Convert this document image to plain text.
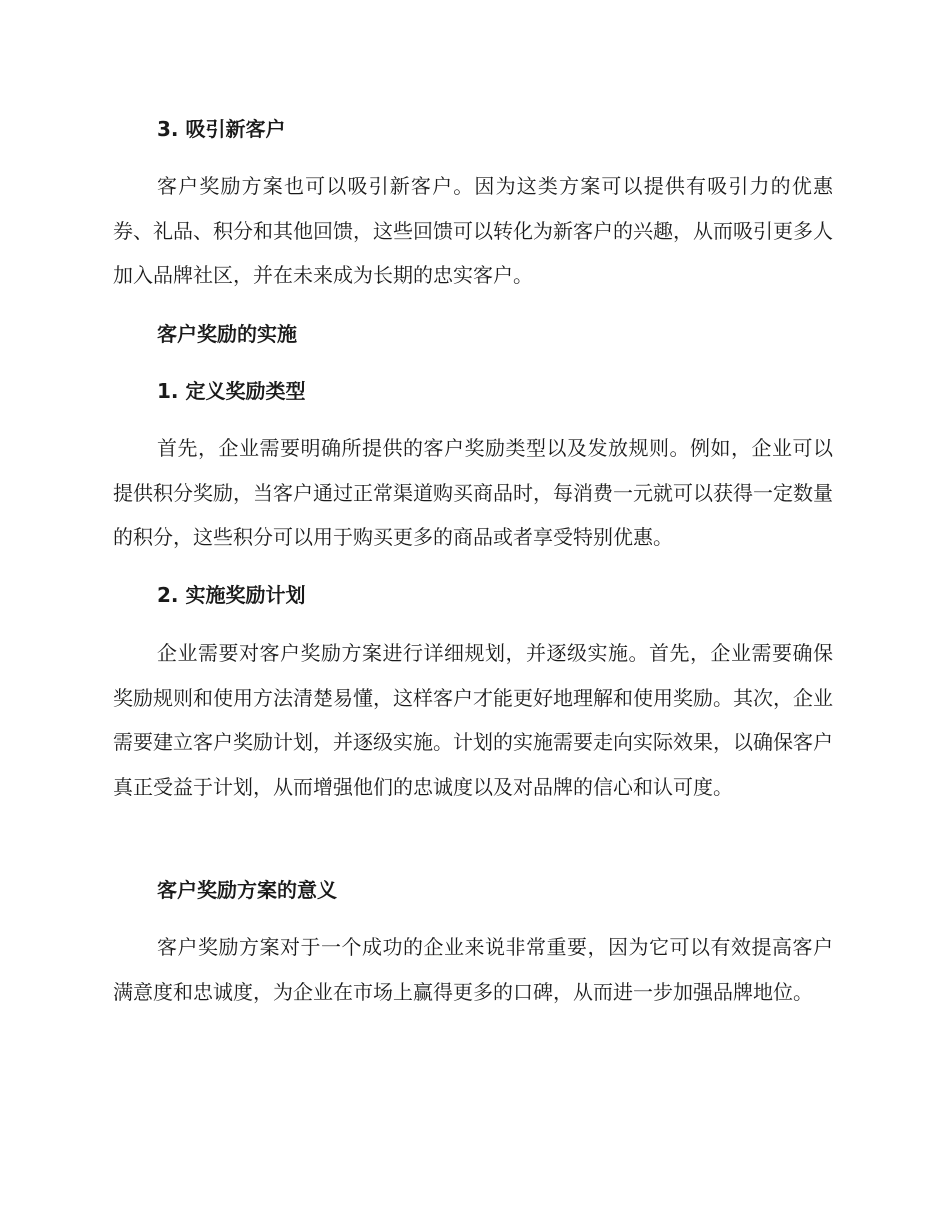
3. 吸引新客户
客户奖励方案也可以吸引新客户。因为这类方案可以提供有吸引力的优惠券、礼品、积分和其他回馈，这些回馈可以转化为新客户的兴趣，从而吸引更多人加入品牌社区，并在未来成为长期的忠实客户。
客户奖励的实施
1. 定义奖励类型
首先，企业需要明确所提供的客户奖励类型以及发放规则。例如，企业可以提供积分奖励，当客户通过正常渠道购买商品时，每消费一元就可以获得一定数量的积分，这些积分可以用于购买更多的商品或者享受特别优惠。
2. 实施奖励计划
企业需要对客户奖励方案进行详细规划，并逐级实施。首先，企业需要确保奖励规则和使用方法清楚易懂，这样客户才能更好地理解和使用奖励。其次，企业需要建立客户奖励计划，并逐级实施。计划的实施需要走向实际效果，以确保客户真正受益于计划，从而增强他们的忠诚度以及对品牌的信心和认可度。
客户奖励方案的意义
客户奖励方案对于一个成功的企业来说非常重要，因为它可以有效提高客户满意度和忠诚度，为企业在市场上赢得更多的口碑，从而进一步加强品牌地位。
